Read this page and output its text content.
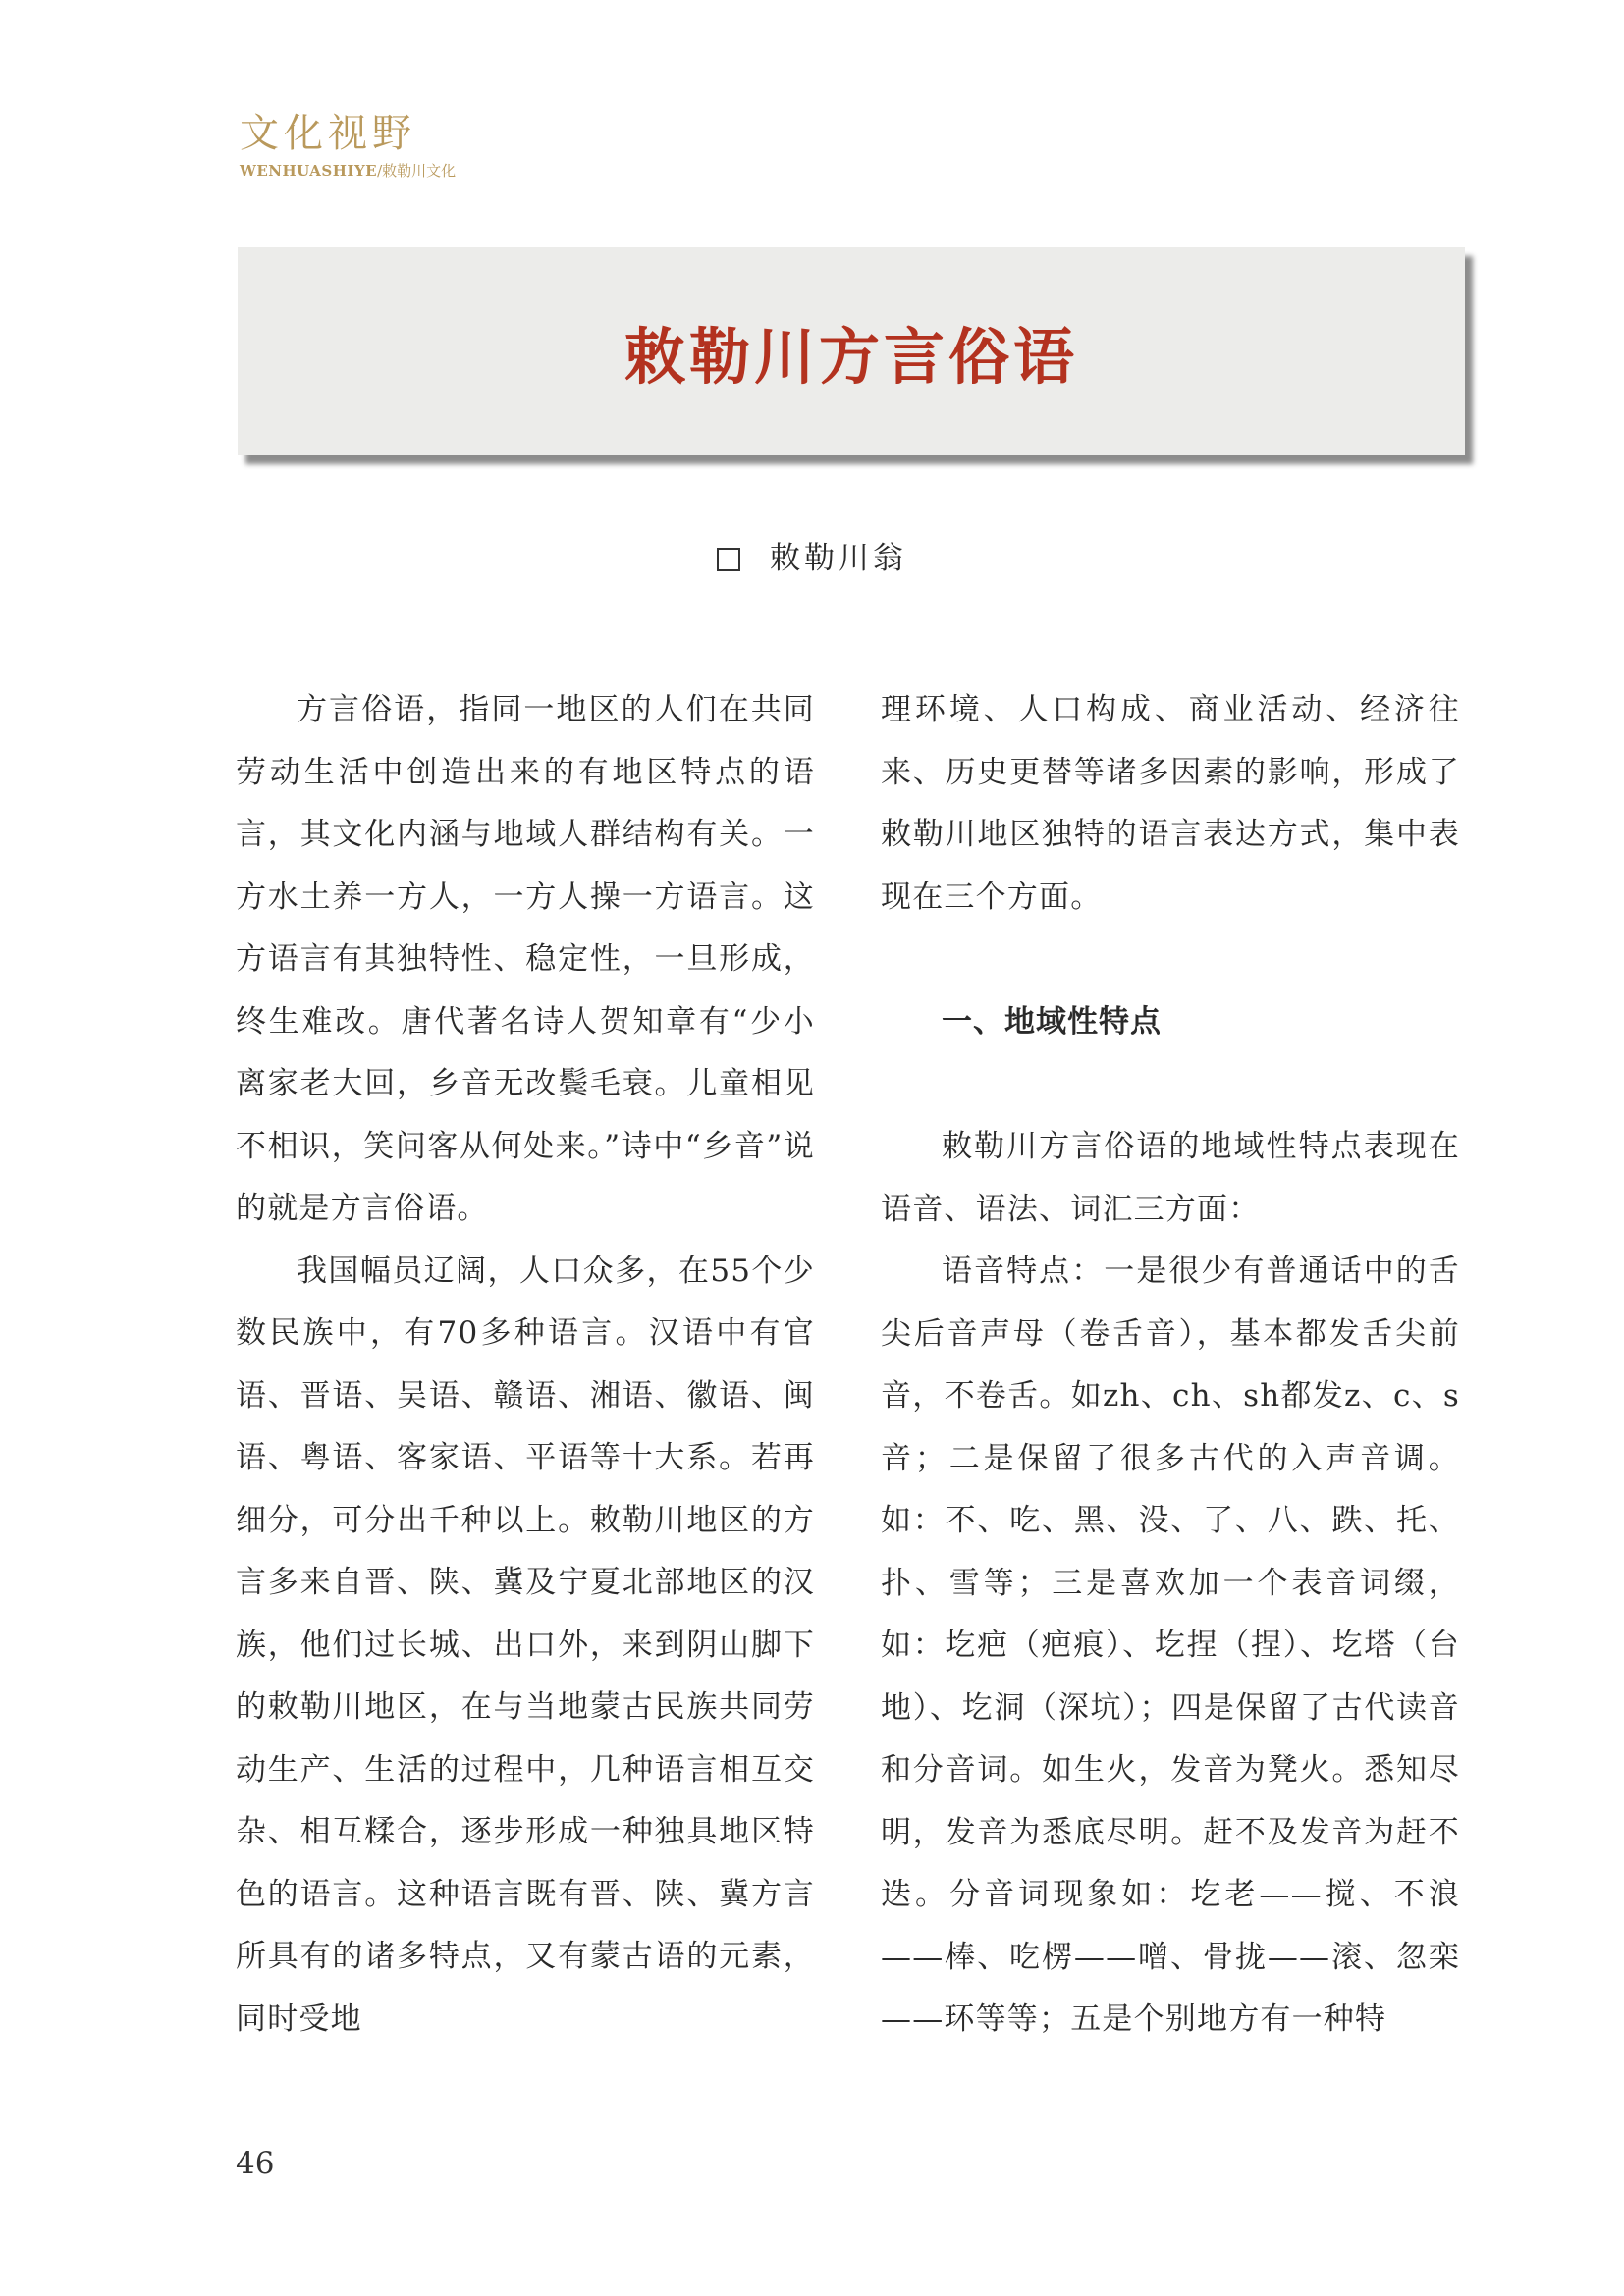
文化视野
WENHUASHIYE/敕勒川文化
敕勒川方言俗语
敕勒川翁

方言俗语，指同一地区的人们在共同劳动生活中创造出来的有地区特点的语言，其文化内涵与地域人群结构有关。一方水土养一方人，一方人操一方语言。这方语言有其独特性、稳定性，一旦形成，终生难改。唐代著名诗人贺知章有“少小离家老大回，乡音无改鬓毛衰。儿童相见不相识，笑问客从何处来。”诗中“乡音”说的就是方言俗语。

我国幅员辽阔，人口众多，在55个少数民族中，有70多种语言。汉语中有官语、晋语、吴语、赣语、湘语、徽语、闽语、粤语、客家语、平语等十大系。若再细分，可分出千种以上。敕勒川地区的方言多来自晋、陕、冀及宁夏北部地区的汉族，他们过长城、出口外，来到阴山脚下的敕勒川地区，在与当地蒙古民族共同劳动生产、生活的过程中，几种语言相互交杂、相互糅合，逐步形成一种独具地区特色的语言。这种语言既有晋、陕、冀方言所具有的诸多特点，又有蒙古语的元素，同时受地

理环境、人口构成、商业活动、经济往来、历史更替等诸多因素的影响，形成了敕勒川地区独特的语言表达方式，集中表现在三个方面。

一、地域性特点

敕勒川方言俗语的地域性特点表现在语音、语法、词汇三方面：

语音特点：一是很少有普通话中的舌尖后音声母（卷舌音），基本都发舌尖前音，不卷舌。如zh、ch、sh都发z、c、s音；二是保留了很多古代的入声音调。如：不、吃、黑、没、了、八、跌、托、扑、雪等；三是喜欢加一个表音词缀，如：圪疤（疤痕）、圪捏（捏）、圪塔（台地）、圪洞（深坑）；四是保留了古代读音和分音词。如生火，发音为凳火。悉知尽明，发音为悉底尽明。赶不及发音为赶不迭。分音词现象如：圪老——搅、不浪——棒、吃楞——噌、骨拢——滚、忽栾——环等等；五是个别地方有一种特

46
